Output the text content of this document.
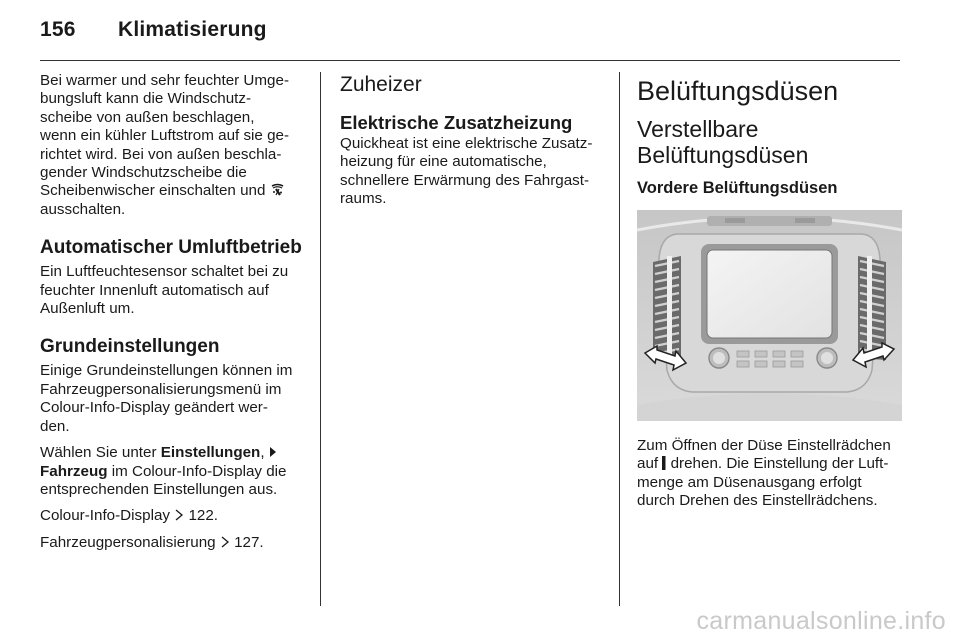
156 Klimatisierung

Bei warmer und sehr feuchter Umge-
bungsluft kann die Windschutz-
scheibe von außen beschlagen,
wenn ein kühler Luftstrom auf sie ge-
richtet wird. Bei von außen beschla-
gender Windschutzscheibe die
Scheibenwischer einschalten und
ausschalten.

Automatischer Umluftbetrieb

Ein Luftfeuchtesensor schaltet bei zu
feuchter Innenluft automatisch auf
Außenluft um.

Grundeinstellungen

Einige Grundeinstellungen können im
Fahrzeugpersonalisierungsmenü im
Colour-Info-Display geändert wer-
den.

Wählen Sie unter Einstellungen,
Fahrzeug im Colour-Info-Display die
entsprechenden Einstellungen aus.

Colour-Info-Display 122.

Fahrzeugpersonalisierung 127.

Zuheizer
Elektrische Zusatzheizung

Quickheat ist eine elektrische Zusatz-
heizung für eine automatische,
schnellere Erwärmung des Fahrgast-
raums.

Belüftungsdüsen
Verstellbare
Belüftungsdüsen
Vordere Belüftungsdüsen

Zum Öffnen der Düse Einstellrädchen
auf drehen. Die Einstellung der Luft-
menge am Düsenausgang erfolgt
durch Drehen des Einstellrädchens.

carmanualsonline.info
